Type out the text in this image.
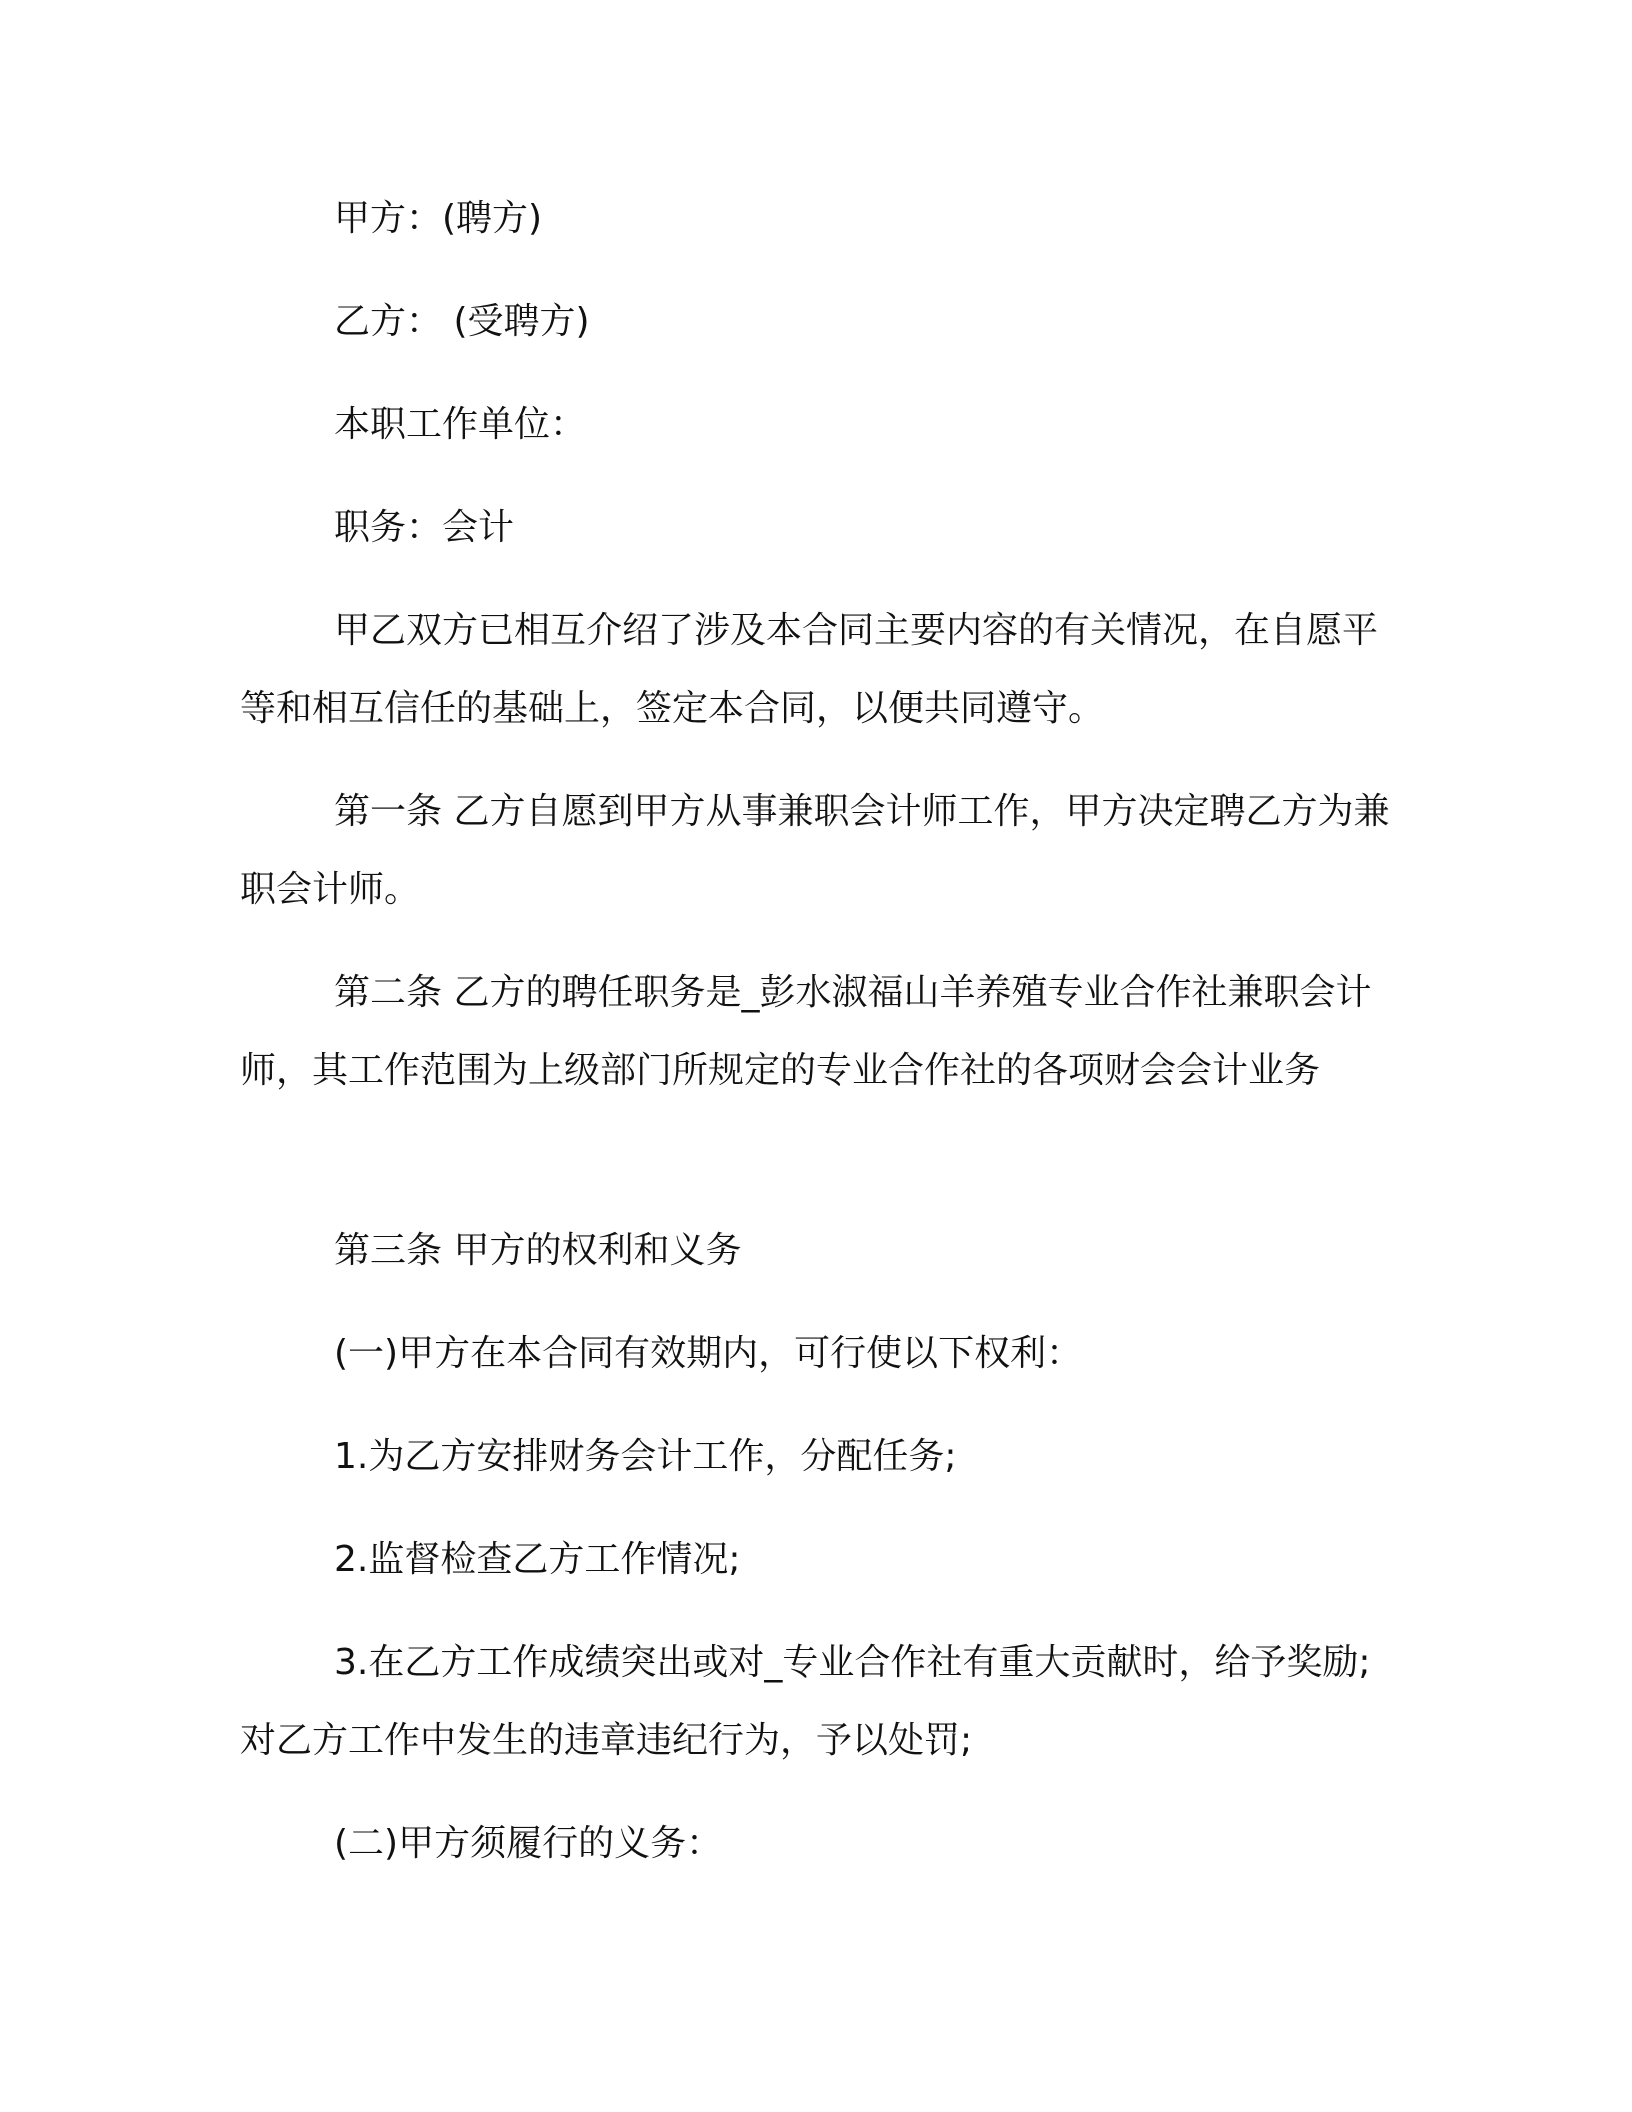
甲方：(聘方)
乙方： (受聘方)
本职工作单位：
职务：会计
甲乙双方已相互介绍了涉及本合同主要内容的有关情况，在自愿平等和相互信任的基础上，签定本合同，以便共同遵守。
第一条 乙方自愿到甲方从事兼职会计师工作，甲方决定聘乙方为兼职会计师。
第二条 乙方的聘任职务是_彭水淑福山羊养殖专业合作社兼职会计师，其工作范围为上级部门所规定的专业合作社的各项财会会计业务
第三条 甲方的权利和义务
(一)甲方在本合同有效期内，可行使以下权利：
1.为乙方安排财务会计工作，分配任务;
2.监督检查乙方工作情况;
3.在乙方工作成绩突出或对_专业合作社有重大贡献时，给予奖励;对乙方工作中发生的违章违纪行为，予以处罚;
(二)甲方须履行的义务：
